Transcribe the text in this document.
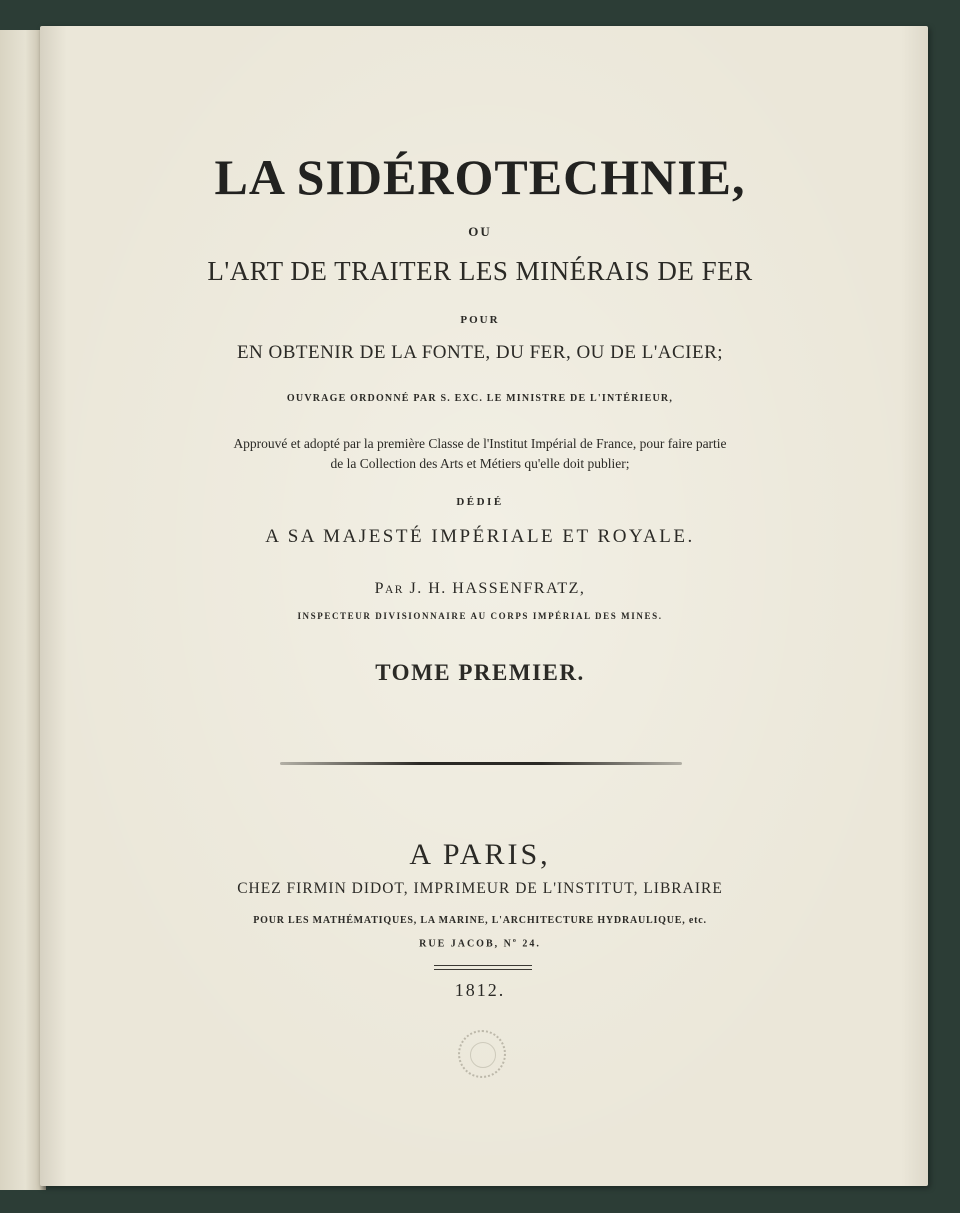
LA SIDÉROTECHNIE,
OU
L'ART DE TRAITER LES MINÉRAIS DE FER
POUR
EN OBTENIR DE LA FONTE, DU FER, OU DE L'ACIER;
OUVRAGE ORDONNÉ PAR S. EXC. LE MINISTRE DE L'INTÉRIEUR,
Approuvé et adopté par la première Classe de l'Institut Impérial de France, pour faire partie
de la Collection des Arts et Métiers qu'elle doit publier;
DÉDIÉ
A SA MAJESTÉ IMPÉRIALE ET ROYALE.
PAR J. H. HASSENFRATZ,
INSPECTEUR DIVISIONNAIRE AU CORPS IMPÉRIAL DES MINES.
TOME PREMIER.
A PARIS,
CHEZ FIRMIN DIDOT, IMPRIMEUR DE L'INSTITUT, LIBRAIRE
POUR LES MATHÉMATIQUES, LA MARINE, L'ARCHITECTURE HYDRAULIQUE, etc.
RUE JACOB, $N^o$ 24.
1812.
